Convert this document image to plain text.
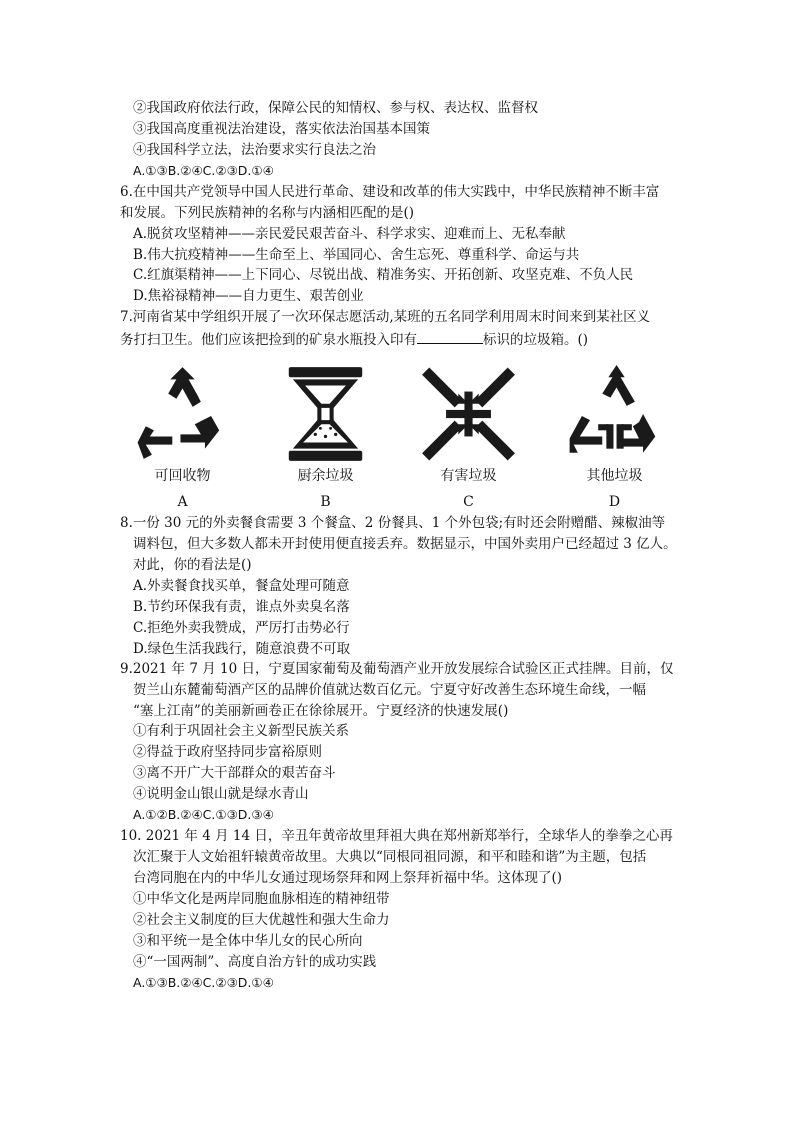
②我国政府依法行政，保障公民的知情权、参与权、表达权、监督权
③我国高度重视法治建设，落实依法治国基本国策
④我国科学立法，法治要求实行良法之治
A.①③B.②④C.②③D.①④
6.在中国共产党领导中国人民进行革命、建设和改革的伟大实践中，中华民族精神不断丰富
和发展。下列民族精神的名称与内涵相匹配的是()
A.脱贫攻坚精神——亲民爱民艰苦奋斗、科学求实、迎难而上、无私奉献
B.伟大抗疫精神——生命至上、举国同心、舍生忘死、尊重科学、命运与共
C.红旗渠精神——上下同心、尽锐出战、精准务实、开拓创新、攻坚克难、不负人民
D.焦裕禄精神——自力更生、艰苦创业
7.河南省某中学组织开展了一次环保志愿活动,某班的五名同学利用周末时间来到某社区义
务打扫卫生。他们应该把捡到的矿泉水瓶投入印有	标识的垃圾箱。()
可回收物
A
厨余垃圾
B
有害垃圾
C
其他垃圾
D
8.一份 30 元的外卖餐食需要 3 个餐盒、2 份餐具、1 个外包袋;有时还会附赠醋、辣椒油等
调料包，但大多数人都未开封使用便直接丢弃。数据显示，中国外卖用户已经超过 3 亿人。
对此，你的看法是()
A.外卖餐食找买单，餐盒处理可随意
B.节约环保我有责，谁点外卖臭名落
C.拒绝外卖我赞成，严厉打击势必行
D.绿色生活我践行，随意浪费不可取
9.2021 年 7 月 10 日，宁夏国家葡萄及葡萄酒产业开放发展综合试验区正式挂牌。目前，仅
贺兰山东麓葡萄酒产区的品牌价值就达数百亿元。宁夏守好改善生态环境生命线，一幅
“塞上江南”的美丽新画卷正在徐徐展开。宁夏经济的快速发展()
①有利于巩固社会主义新型民族关系
②得益于政府坚持同步富裕原则
③离不开广大干部群众的艰苦奋斗
④说明金山银山就是绿水青山
A.①②B.②④C.①③D.③④
10. 2021 年 4 月 14 日，辛丑年黄帝故里拜祖大典在郑州新郑举行，全球华人的拳拳之心再
次汇聚于人文始祖轩辕黄帝故里。大典以“同根同祖同源，和平和睦和谐”为主题，包括
台湾同胞在内的中华儿女通过现场祭拜和网上祭拜祈福中华。这体现了()
①中华文化是两岸同胞血脉相连的精神纽带
②社会主义制度的巨大优越性和强大生命力
③和平统一是全体中华儿女的民心所向
④“一国两制”、高度自治方针的成功实践
A.①③B.②④C.②③D.①④
